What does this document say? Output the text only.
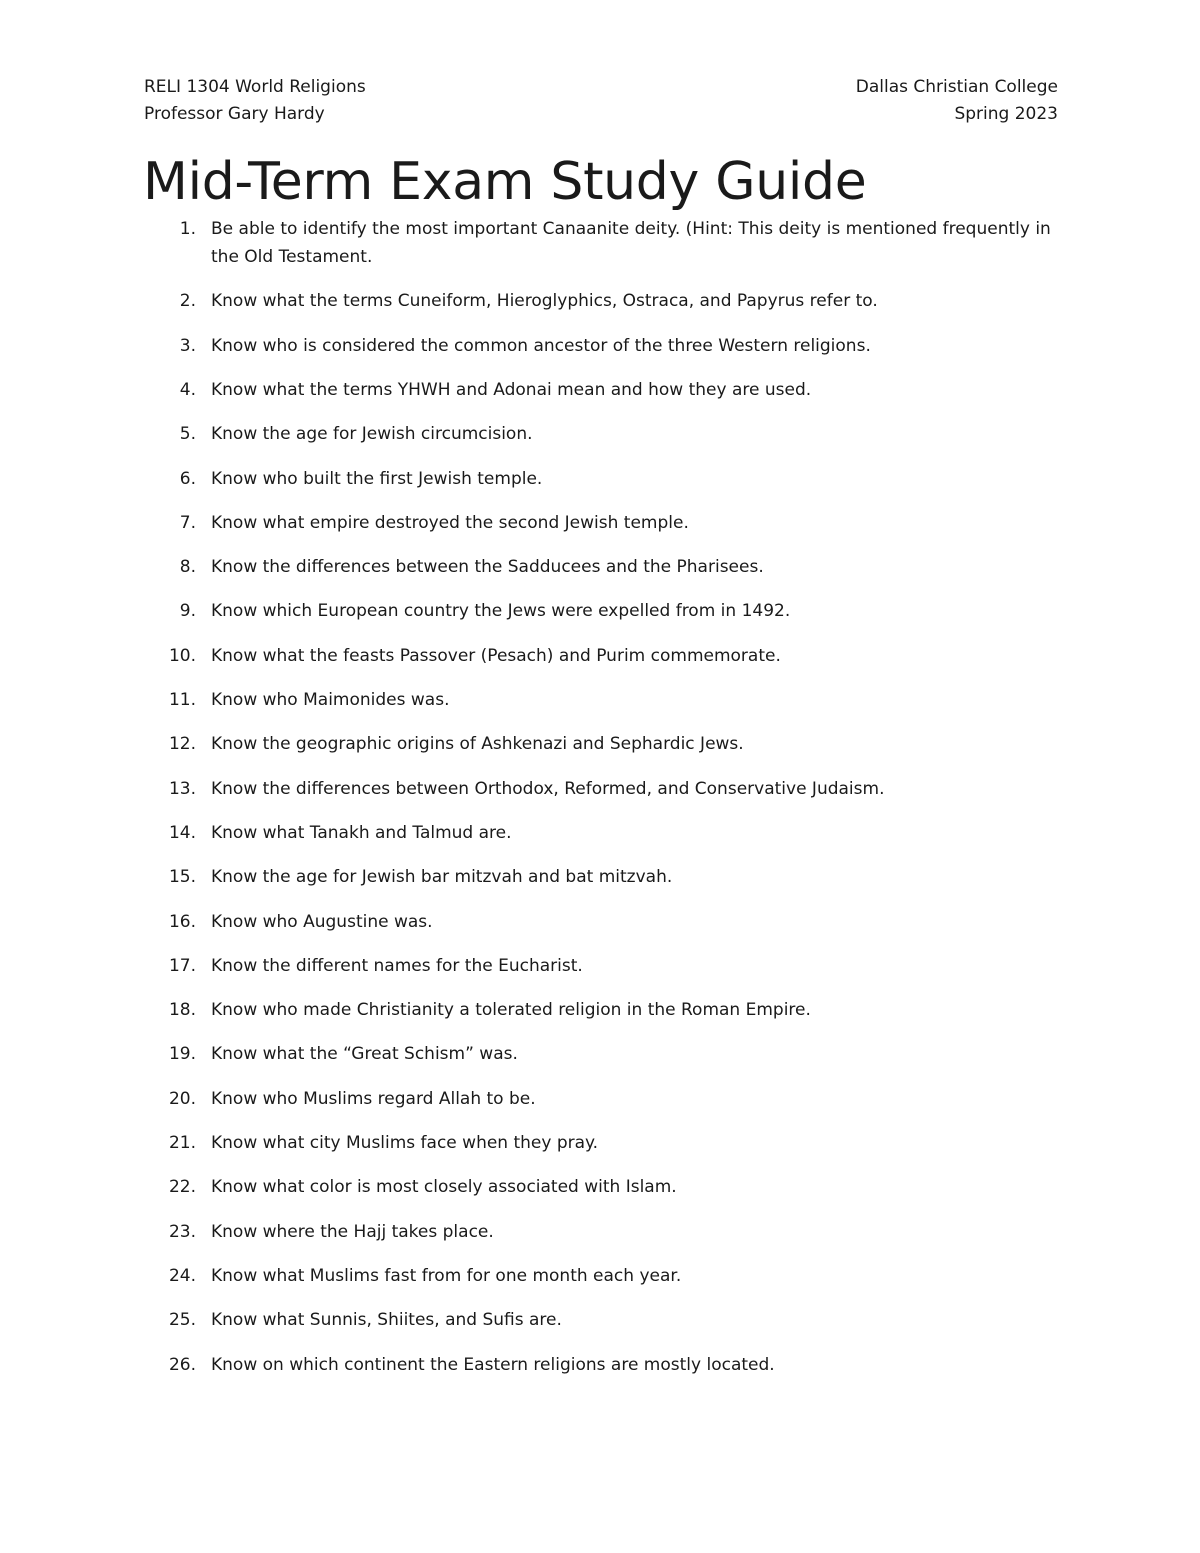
RELI 1304 World Religions	Dallas Christian College
Professor Gary Hardy	Spring 2023
Mid-Term Exam Study Guide
1. Be able to identify the most important Canaanite deity. (Hint: This deity is mentioned frequently in the Old Testament.
2. Know what the terms Cuneiform, Hieroglyphics, Ostraca, and Papyrus refer to.
3. Know who is considered the common ancestor of the three Western religions.
4. Know what the terms YHWH and Adonai mean and how they are used.
5. Know the age for Jewish circumcision.
6. Know who built the first Jewish temple.
7. Know what empire destroyed the second Jewish temple.
8. Know the differences between the Sadducees and the Pharisees.
9. Know which European country the Jews were expelled from in 1492.
10. Know what the feasts Passover (Pesach) and Purim commemorate.
11. Know who Maimonides was.
12. Know the geographic origins of Ashkenazi and Sephardic Jews.
13. Know the differences between Orthodox, Reformed, and Conservative Judaism.
14. Know what Tanakh and Talmud are.
15. Know the age for Jewish bar mitzvah and bat mitzvah.
16. Know who Augustine was.
17. Know the different names for the Eucharist.
18. Know who made Christianity a tolerated religion in the Roman Empire.
19. Know what the “Great Schism” was.
20. Know who Muslims regard Allah to be.
21. Know what city Muslims face when they pray.
22. Know what color is most closely associated with Islam.
23. Know where the Hajj takes place.
24. Know what Muslims fast from for one month each year.
25. Know what Sunnis, Shiites, and Sufis are.
26. Know on which continent the Eastern religions are mostly located.
